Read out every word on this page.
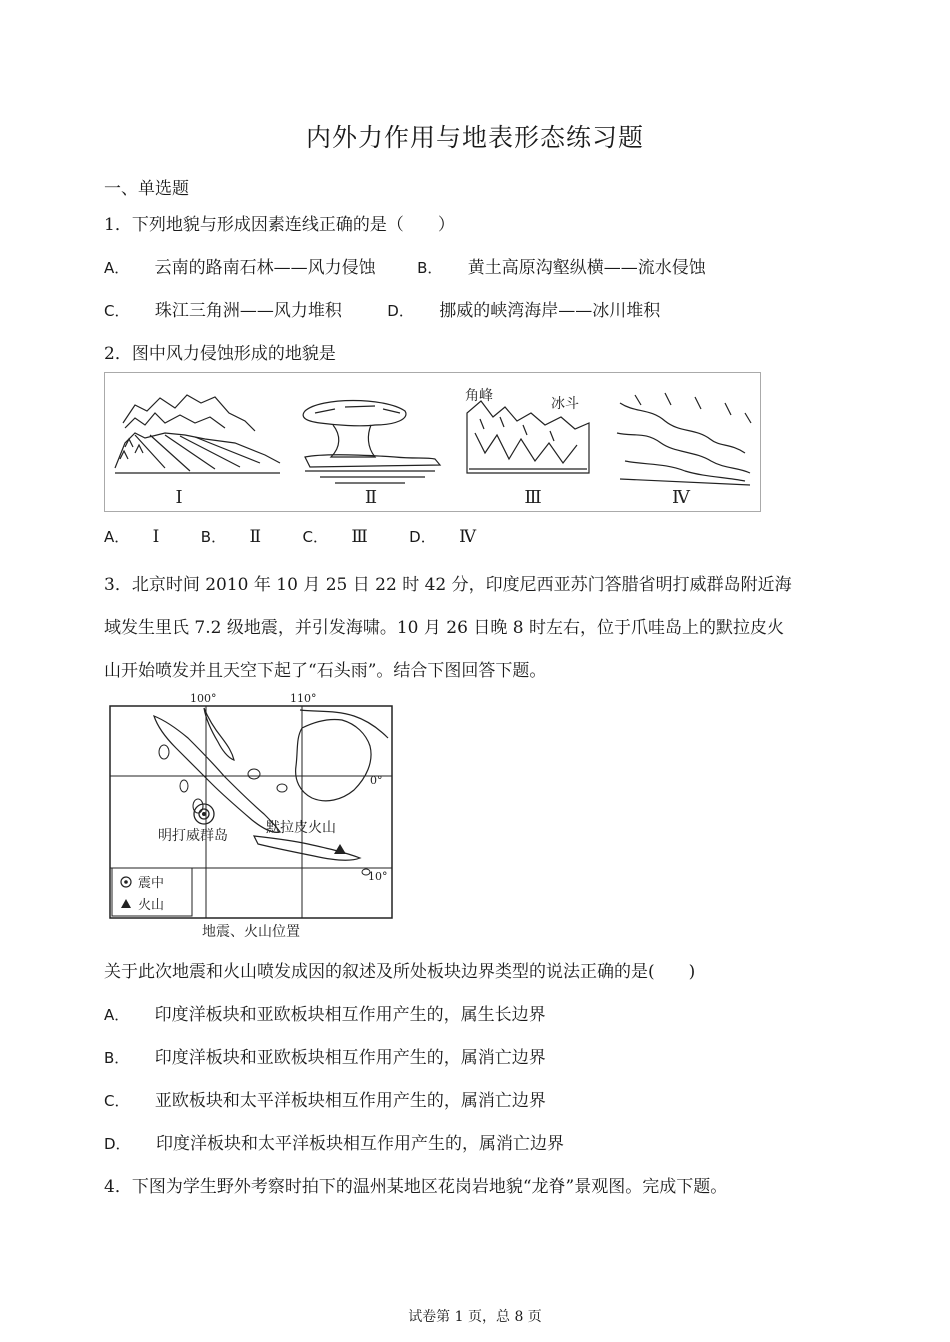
内外力作用与地表形态练习题
一、单选题
1．下列地貌与形成因素连线正确的是（　　）
A． 云南的路南石林——风力侵蚀	B． 黄土高原沟壑纵横——流水侵蚀
C． 珠江三角洲——风力堆积	D． 挪威的峡湾海岸——冰川堆积
2．图中风力侵蚀形成的地貌是
角峰	冰斗
Ⅰ	Ⅱ	Ⅲ	Ⅳ
A． Ⅰ	B． Ⅱ	C． Ⅲ	D． Ⅳ
3．北京时间 2010 年 10 月 25 日 22 时 42 分，印度尼西亚苏门答腊省明打威群岛附近海
域发生里氏 7.2 级地震，并引发海啸。10 月 26 日晚 8 时左右，位于爪哇岛上的默拉皮火
山开始喷发并且天空下起了“石头雨”。结合下图回答下题。
100°	110°
0°
10°
明打威群岛	默拉皮火山
震中
火山
地震、火山位置
关于此次地震和火山喷发成因的叙述及所处板块边界类型的说法正确的是(　　)
A． 印度洋板块和亚欧板块相互作用产生的，属生长边界
B． 印度洋板块和亚欧板块相互作用产生的，属消亡边界
C． 亚欧板块和太平洋板块相互作用产生的，属消亡边界
D． 印度洋板块和太平洋板块相互作用产生的，属消亡边界
4．下图为学生野外考察时拍下的温州某地区花岗岩地貌“龙脊”景观图。完成下题。
试卷第 1 页，总 8 页
